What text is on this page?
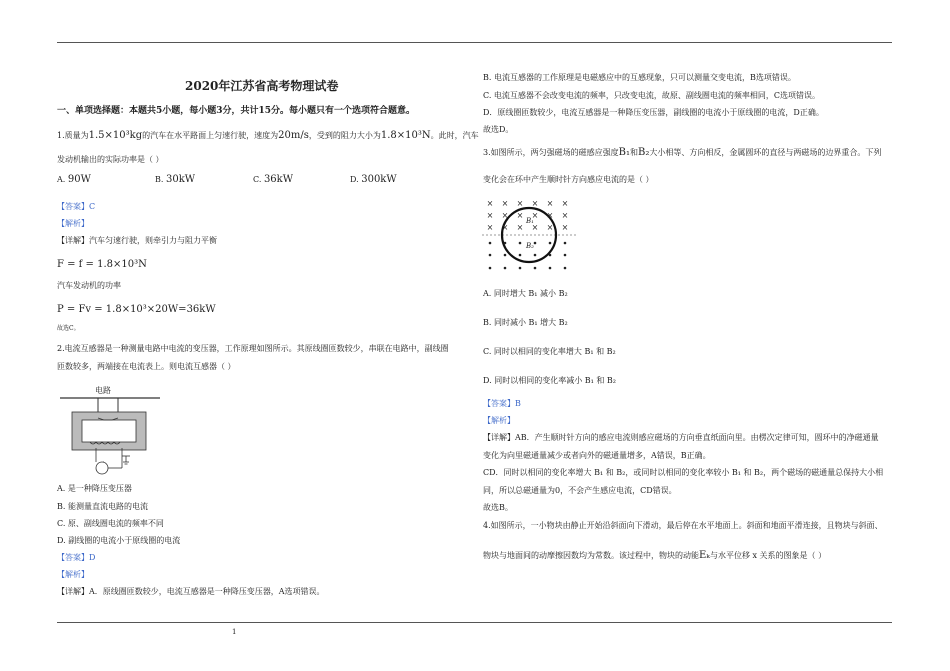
1

2020年江苏省高考物理试卷

一、单项选择题：本题共5小题，每小题3分，共计15分。每小题只有一个选项符合题意。

1.质量为1.5×10³kg的汽车在水平路面上匀速行驶，速度为20m/s，受到的阻力大小为1.8×10³N。此时，汽车

发动机输出的实际功率是（ ）

A. 90W	B. 30kW	C. 36kW	D. 300kW

【答案】C

【解析】

【详解】汽车匀速行驶，则牵引力与阻力平衡

F = f = 1.8×10³N

汽车发动机的功率

P = Fv = 1.8×10³×20W=36kW

故选C。

2.电流互感器是一种测量电路中电流的变压器，工作原理如图所示。其原线圈匝数较少，串联在电路中，副线圈

匝数较多，两端接在电流表上。则电流互感器（ ）

电路

A. 是一种降压变压器

B. 能测量直流电路的电流

C. 原、副线圈电流的频率不同

D. 副线圈的电流小于原线圈的电流

【答案】D

【解析】

【详解】A．原线圈匝数较少，电流互感器是一种降压变压器，A选项错误。

B. 电流互感器的工作原理是电磁感应中的互感现象，只可以测量交变电流，B选项错误。

C. 电流互感器不会改变电流的频率，只改变电流，故原、副线圈电流的频率相同，C选项错误。

D．原线圈匝数较少，电流互感器是一种降压变压器，副线圈的电流小于原线圈的电流，D正确。

故选D。

3.如图所示，两匀强磁场的磁感应强度B₁和B₂大小相等、方向相反，金属圆环的直径与两磁场的边界重合。下列

变化会在环中产生顺时针方向感应电流的是（ ）

A. 同时增大 B₁ 减小 B₂

B. 同时减小 B₁ 增大 B₂

C. 同时以相同的变化率增大 B₁ 和 B₂

D. 同时以相同的变化率减小 B₁ 和 B₂

【答案】B

【解析】

【详解】AB．产生顺时针方向的感应电流则感应磁场的方向垂直纸面向里。由楞次定律可知，圆环中的净磁通量

变化为向里磁通量减少或者向外的磁通量增多，A错误，B正确。

CD．同时以相同的变化率增大 B₁ 和 B₂，或同时以相同的变化率较小 B₁ 和 B₂，两个磁场的磁通量总保持大小相

同，所以总磁通量为0，不会产生感应电流，CD错误。

故选B。

4.如图所示，一小物块由静止开始沿斜面向下滑动，最后停在水平地面上。斜面和地面平滑连接，且物块与斜面、

物块与地面间的动摩擦因数均为常数。该过程中，物块的动能Eₖ与水平位移 x 关系的图象是（ ）

× × × × × ×
× × × × × ×
× × × × × ×
B₁
B₂
